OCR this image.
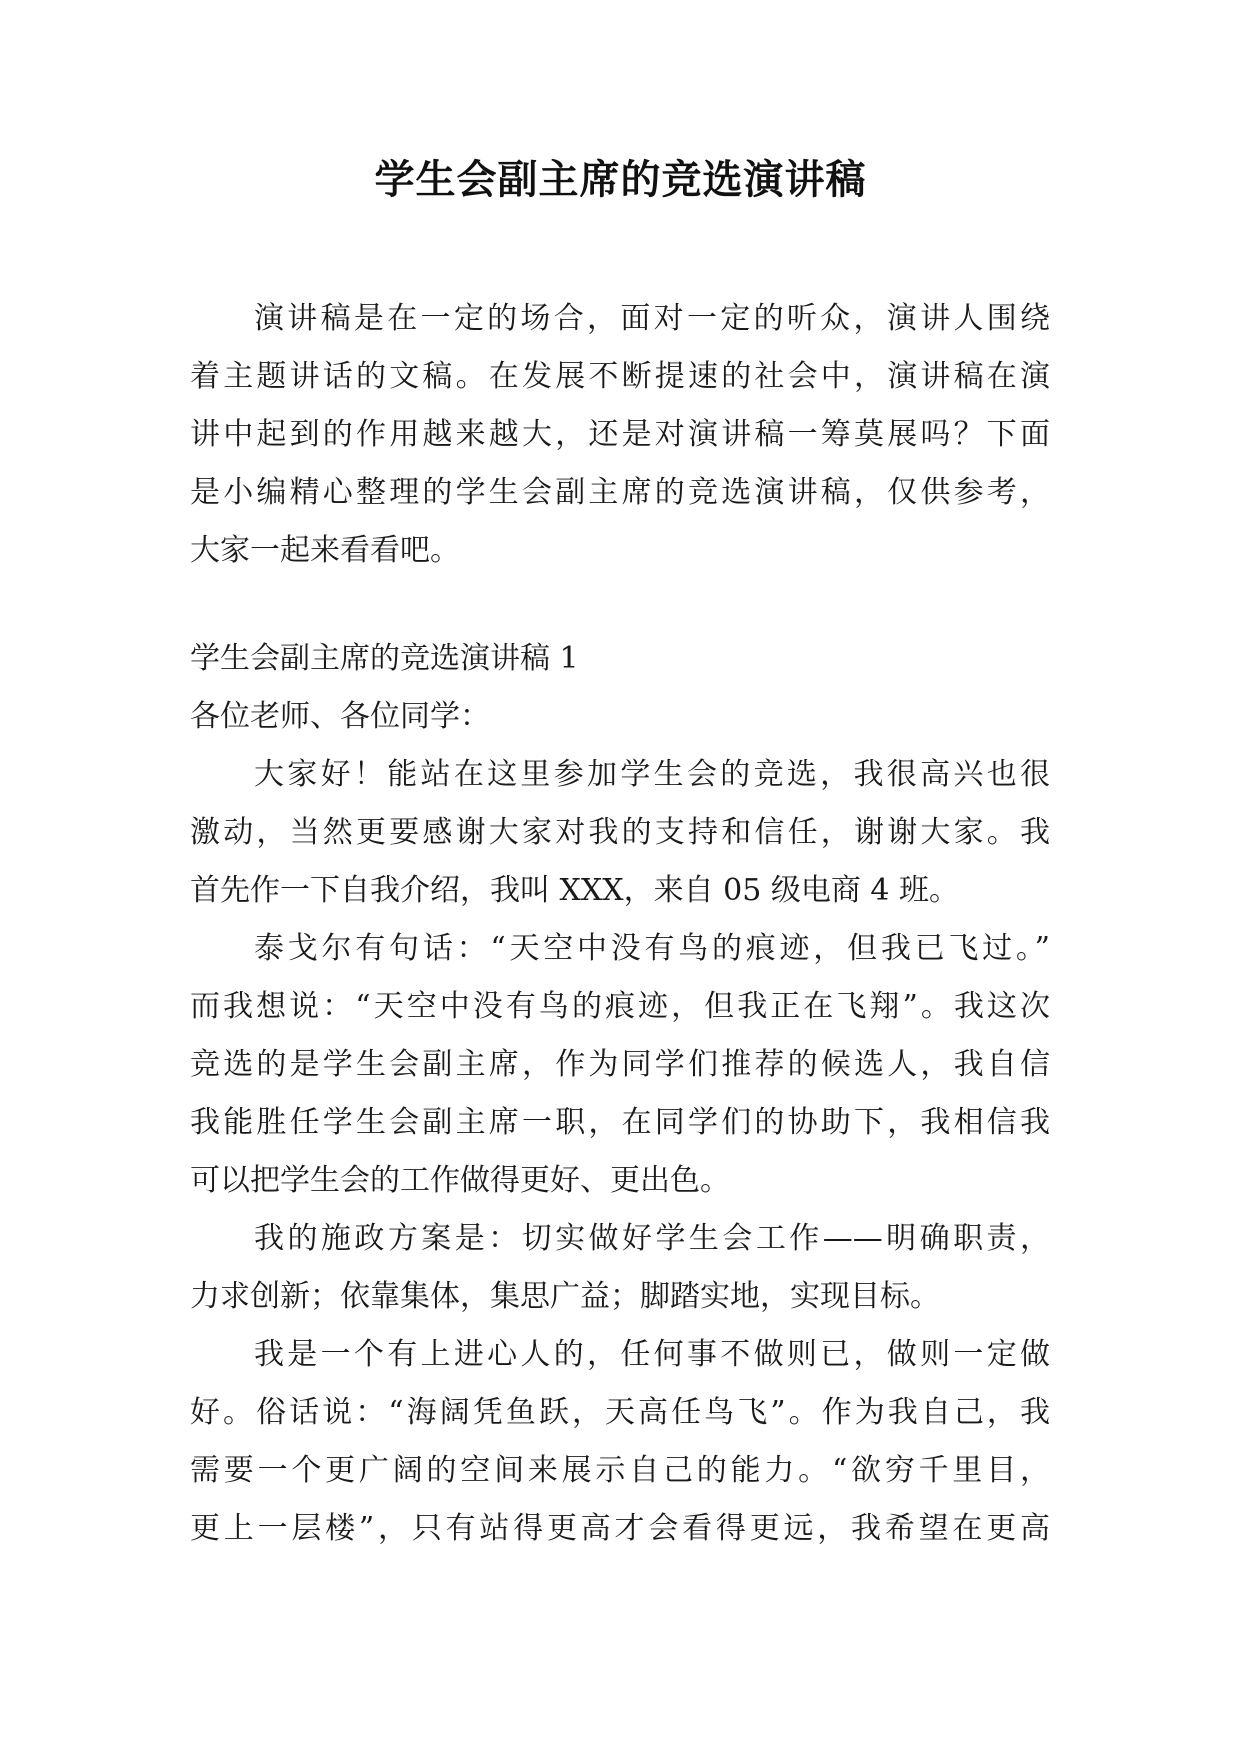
学生会副主席的竞选演讲稿
演讲稿是在一定的场合，面对一定的听众，演讲人围绕
着主题讲话的文稿。在发展不断提速的社会中，演讲稿在演
讲中起到的作用越来越大，还是对演讲稿一筹莫展吗？下面
是小编精心整理的学生会副主席的竞选演讲稿，仅供参考，
大家一起来看看吧。
学生会副主席的竞选演讲稿 1
各位老师、各位同学：
大家好！能站在这里参加学生会的竞选，我很高兴也很
激动，当然更要感谢大家对我的支持和信任，谢谢大家。我
首先作一下自我介绍，我叫 XXX，来自 05 级电商 4 班。
泰戈尔有句话：“天空中没有鸟的痕迹，但我已飞过。”
而我想说：“天空中没有鸟的痕迹，但我正在飞翔”。我这次
竞选的是学生会副主席，作为同学们推荐的候选人，我自信
我能胜任学生会副主席一职，在同学们的协助下，我相信我
可以把学生会的工作做得更好、更出色。
我的施政方案是：切实做好学生会工作——明确职责，
力求创新；依靠集体，集思广益；脚踏实地，实现目标。
我是一个有上进心人的，任何事不做则已，做则一定做
好。俗话说：“海阔凭鱼跃，天高任鸟飞”。作为我自己，我
需要一个更广阔的空间来展示自己的能力。“欲穷千里目，
更上一层楼”，只有站得更高才会看得更远，我希望在更高
